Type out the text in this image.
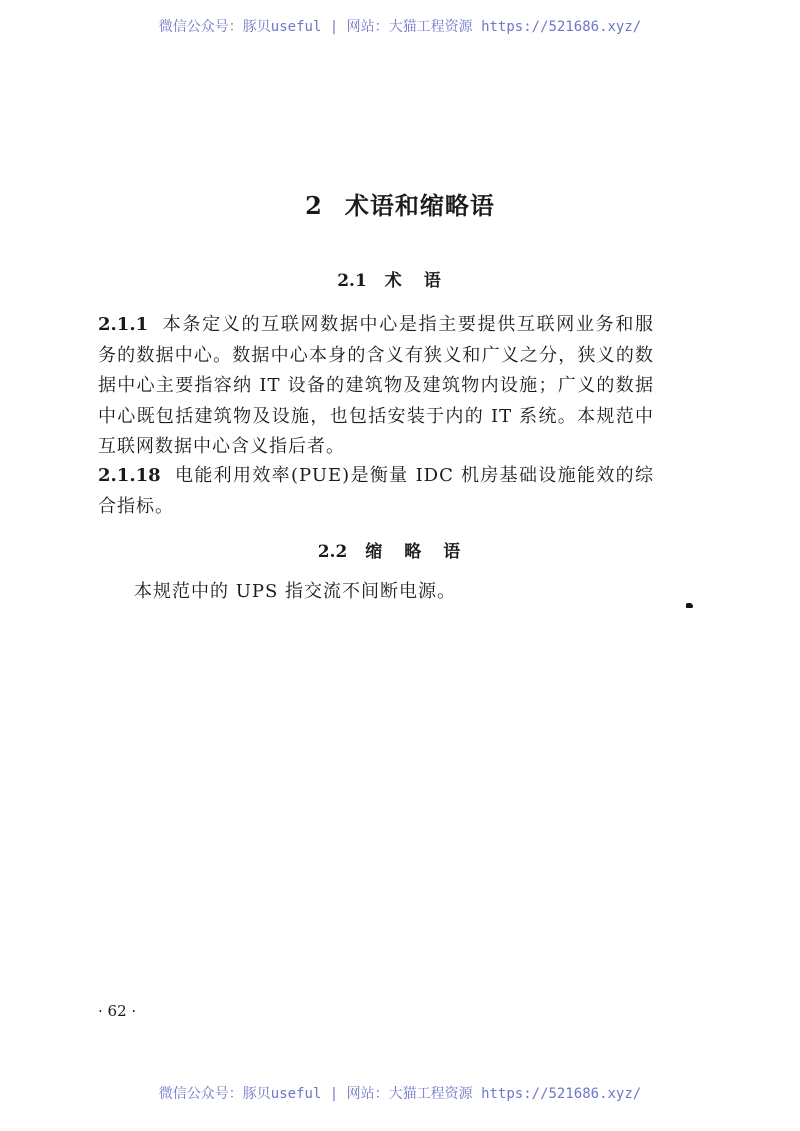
微信公众号：豚贝useful | 网站：大猫工程资源 https://521686.xyz/
2 术语和缩略语
2.1 术语
2.1.1 本条定义的互联网数据中心是指主要提供互联网业务和服务的数据中心。数据中心本身的含义有狭义和广义之分，狭义的数据中心主要指容纳 IT 设备的建筑物及建筑物内设施；广义的数据中心既包括建筑物及设施，也包括安装于内的 IT 系统。本规范中互联网数据中心含义指后者。
2.1.18 电能利用效率(PUE)是衡量 IDC 机房基础设施能效的综合指标。
2.2 缩略语
本规范中的 UPS 指交流不间断电源。
· 62 ·
微信公众号：豚贝useful | 网站：大猫工程资源 https://521686.xyz/
